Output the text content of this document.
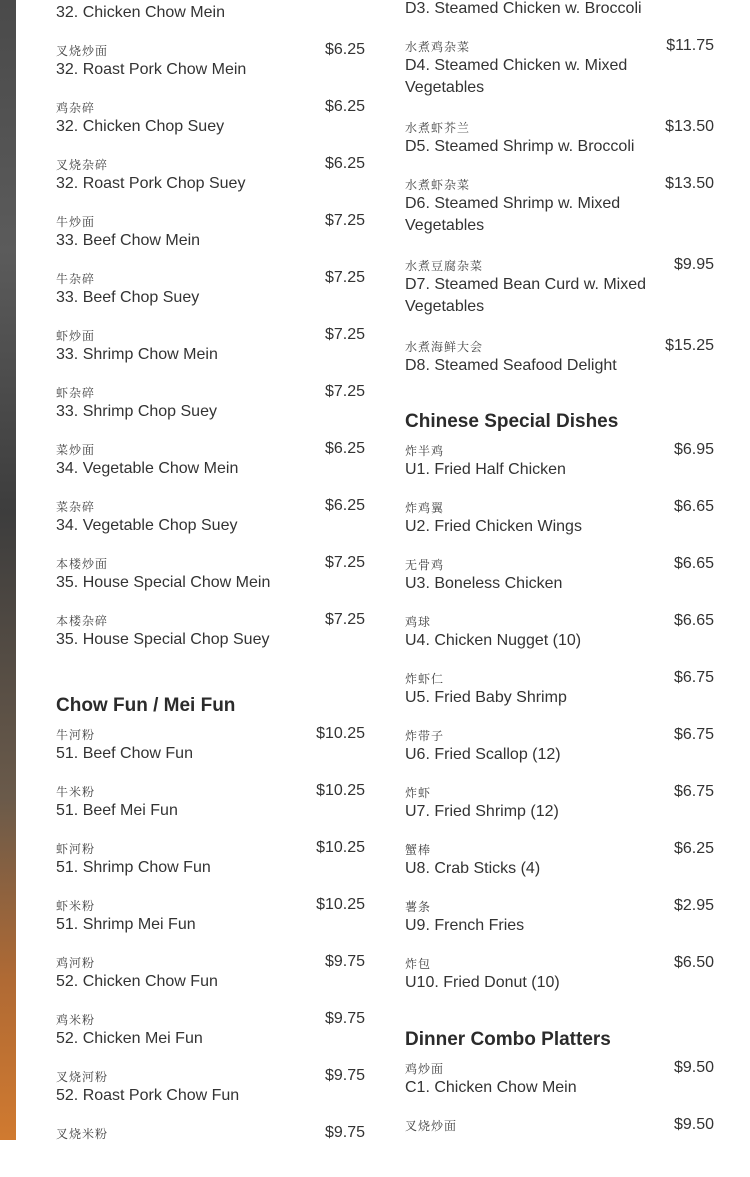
32. Chicken Chow Mein
叉烧炒面
32. Roast Pork Chow Mein
$6.25
鸡杂碎
32. Chicken Chop Suey
$6.25
叉烧杂碎
32. Roast Pork Chop Suey
$6.25
牛炒面
33. Beef Chow Mein
$7.25
牛杂碎
33. Beef Chop Suey
$7.25
虾炒面
33. Shrimp Chow Mein
$7.25
虾杂碎
33. Shrimp Chop Suey
$7.25
菜炒面
34. Vegetable Chow Mein
$6.25
菜杂碎
34. Vegetable Chop Suey
$6.25
本楼炒面
35. House Special Chow Mein
$7.25
本楼杂碎
35. House Special Chop Suey
$7.25
Chow Fun / Mei Fun
牛河粉
51. Beef Chow Fun
$10.25
牛米粉
51. Beef Mei Fun
$10.25
虾河粉
51. Shrimp Chow Fun
$10.25
虾米粉
51. Shrimp Mei Fun
$10.25
鸡河粉
52. Chicken Chow Fun
$9.75
鸡米粉
52. Chicken Mei Fun
$9.75
叉烧河粉
52. Roast Pork Chow Fun
$9.75
叉烧米粉	$9.75
D3. Steamed Chicken w. Broccoli
水煮鸡杂菜
D4. Steamed Chicken w. Mixed Vegetables
$11.75
水煮虾芥兰
D5. Steamed Shrimp w. Broccoli
$13.50
水煮虾杂菜
D6. Steamed Shrimp w. Mixed Vegetables
$13.50
水煮豆腐杂菜
D7. Steamed Bean Curd w. Mixed Vegetables
$9.95
水煮海鲜大会
D8. Steamed Seafood Delight
$15.25
Chinese Special Dishes
炸半鸡
U1. Fried Half Chicken
$6.95
炸鸡翼
U2. Fried Chicken Wings
$6.65
无骨鸡
U3. Boneless Chicken
$6.65
鸡球
U4. Chicken Nugget (10)
$6.65
炸虾仁
U5. Fried Baby Shrimp
$6.75
炸带子
U6. Fried Scallop (12)
$6.75
炸虾
U7. Fried Shrimp (12)
$6.75
蟹棒
U8. Crab Sticks (4)
$6.25
薯条
U9. French Fries
$2.95
炸包
U10. Fried Donut (10)
$6.50
Dinner Combo Platters
鸡炒面
C1. Chicken Chow Mein
$9.50
叉烧炒面	$9.50
